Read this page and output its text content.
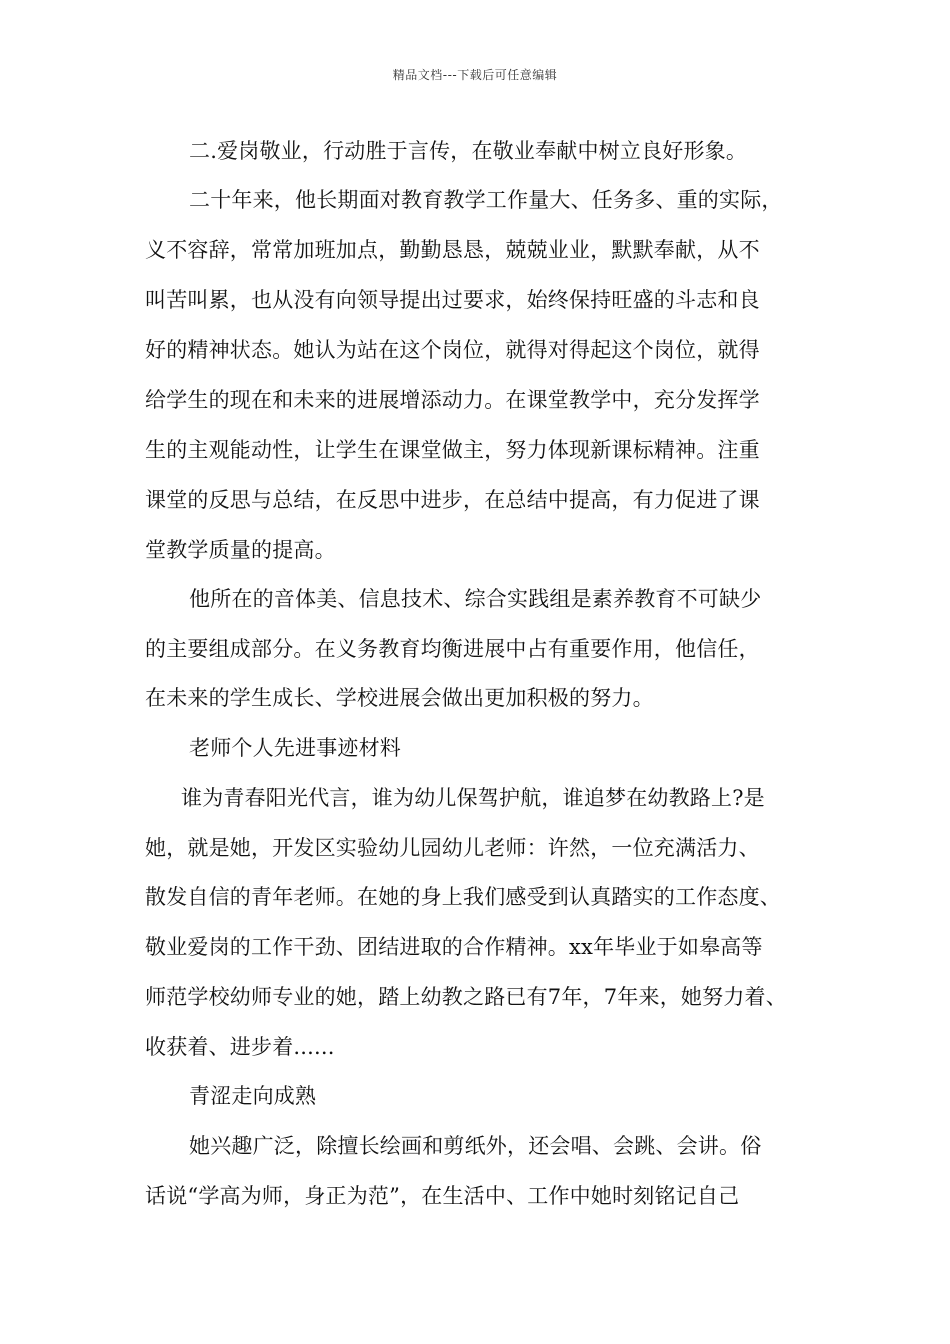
精品文档---下载后可任意编辑
二.爱岗敬业，行动胜于言传，在敬业奉献中树立良好形象。
二十年来，他长期面对教育教学工作量大、任务多、重的实际，
义不容辞，常常加班加点，勤勤恳恳，兢兢业业，默默奉献，从不
叫苦叫累，也从没有向领导提出过要求，始终保持旺盛的斗志和良
好的精神状态。她认为站在这个岗位，就得对得起这个岗位，就得
给学生的现在和未来的进展增添动力。在课堂教学中，充分发挥学
生的主观能动性，让学生在课堂做主，努力体现新课标精神。注重
课堂的反思与总结，在反思中进步，在总结中提高，有力促进了课
堂教学质量的提高。
他所在的音体美、信息技术、综合实践组是素养教育不可缺少
的主要组成部分。在义务教育均衡进展中占有重要作用，他信任，
在未来的学生成长、学校进展会做出更加积极的努力。
老师个人先进事迹材料
谁为青春阳光代言，谁为幼儿保驾护航，谁追梦在幼教路上?是
她，就是她，开发区实验幼儿园幼儿老师：许然，一位充满活力、
散发自信的青年老师。在她的身上我们感受到认真踏实的工作态度、
敬业爱岗的工作干劲、团结进取的合作精神。xx年毕业于如皋高等
师范学校幼师专业的她，踏上幼教之路已有7年，7年来，她努力着、
收获着、进步着......
青涩走向成熟
她兴趣广泛，除擅长绘画和剪纸外，还会唱、会跳、会讲。俗
话说“学高为师，身正为范”，在生活中、工作中她时刻铭记自己
